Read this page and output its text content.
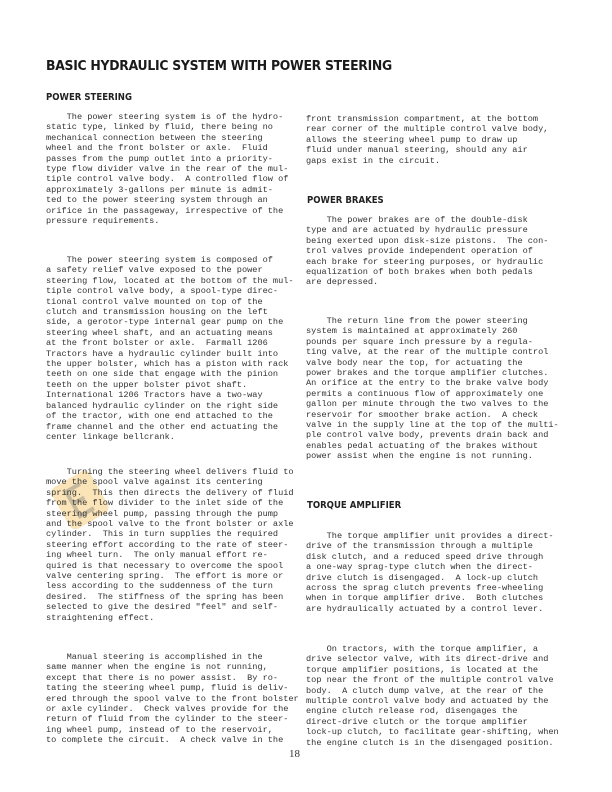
BASIC HYDRAULIC SYSTEM WITH POWER STEERING
POWER STEERING
The power steering system is of the hydro-
static type, linked by fluid, there being no
mechanical connection between the steering
wheel and the front bolster or axle.  Fluid
passes from the pump outlet into a priority-
type flow divider valve in the rear of the mul-
tiple control valve body.  A controlled flow of
approximately 3-gallons per minute is admit-
ted to the power steering system through an
orifice in the passageway, irrespective of the
pressure requirements.
The power steering system is composed of
a safety relief valve exposed to the power
steering flow, located at the bottom of the mul-
tiple control valve body, a spool-type direc-
tional control valve mounted on top of the
clutch and transmission housing on the left
side, a gerotor-type internal gear pump on the
steering wheel shaft, and an actuating means
at the front bolster or axle.  Farmall 1206
Tractors have a hydraulic cylinder built into
the upper bolster, which has a piston with rack
teeth on one side that engage with the pinion
teeth on the upper bolster pivot shaft.
International 1206 Tractors have a two-way
balanced hydraulic cylinder on the right side
of the tractor, with one end attached to the
frame channel and the other end actuating the
center linkage bellcrank.
Turning the steering wheel delivers fluid to
move the spool valve against its centering
spring.  This then directs the delivery of fluid
from the flow divider to the inlet side of the
steering wheel pump, passing through the pump
and the spool valve to the front bolster or axle
cylinder.  This in turn supplies the required
steering effort according to the rate of steer-
ing wheel turn.  The only manual effort re-
quired is that necessary to overcome the spool
valve centering spring.  The effort is more or
less according to the suddenness of the turn
desired.  The stiffness of the spring has been
selected to give the desired "feel" and self-
straightening effect.
Manual steering is accomplished in the
same manner when the engine is not running,
except that there is no power assist.  By ro-
tating the steering wheel pump, fluid is deliv-
ered through the spool valve to the front bolster
or axle cylinder.  Check valves provide for the
return of fluid from the cylinder to the steer-
ing wheel pump, instead of to the reservoir,
to complete the circuit.  A check valve in the
front transmission compartment, at the bottom
rear corner of the multiple control valve body,
allows the steering wheel pump to draw up
fluid under manual steering, should any air
gaps exist in the circuit.
POWER BRAKES
The power brakes are of the double-disk
type and are actuated by hydraulic pressure
being exerted upon disk-size pistons.  The con-
trol valves provide independent operation of
each brake for steering purposes, or hydraulic
equalization of both brakes when both pedals
are depressed.
The return line from the power steering
system is maintained at approximately 260
pounds per square inch pressure by a regula-
ting valve, at the rear of the multiple control
valve body near the top, for actuating the
power brakes and the torque amplifier clutches.
An orifice at the entry to the brake valve body
permits a continuous flow of approximately one
gallon per minute through the two valves to the
reservoir for smoother brake action.  A check
valve in the supply line at the top of the multi-
ple control valve body, prevents drain back and
enables pedal actuating of the brakes without
power assist when the engine is not running.
TORQUE AMPLIFIER
The torque amplifier unit provides a direct-
drive of the transmission through a multiple
disk clutch, and a reduced speed drive through
a one-way sprag-type clutch when the direct-
drive clutch is disengaged.  A lock-up clutch
across the sprag clutch prevents free-wheeling
when in torque amplifier drive.  Both clutches
are hydraulically actuated by a control lever.
On tractors, with the torque amplifier, a
drive selector valve, with its direct-drive and
torque amplifier positions, is located at the
top near the front of the multiple control valve
body.  A clutch dump valve, at the rear of the
multiple control valve body and actuated by the
engine clutch release rod, disengages the
direct-drive clutch or the torque amplifier
lock-up clutch, to facilitate gear-shifting, when
the engine clutch is in the disengaged position.
18
